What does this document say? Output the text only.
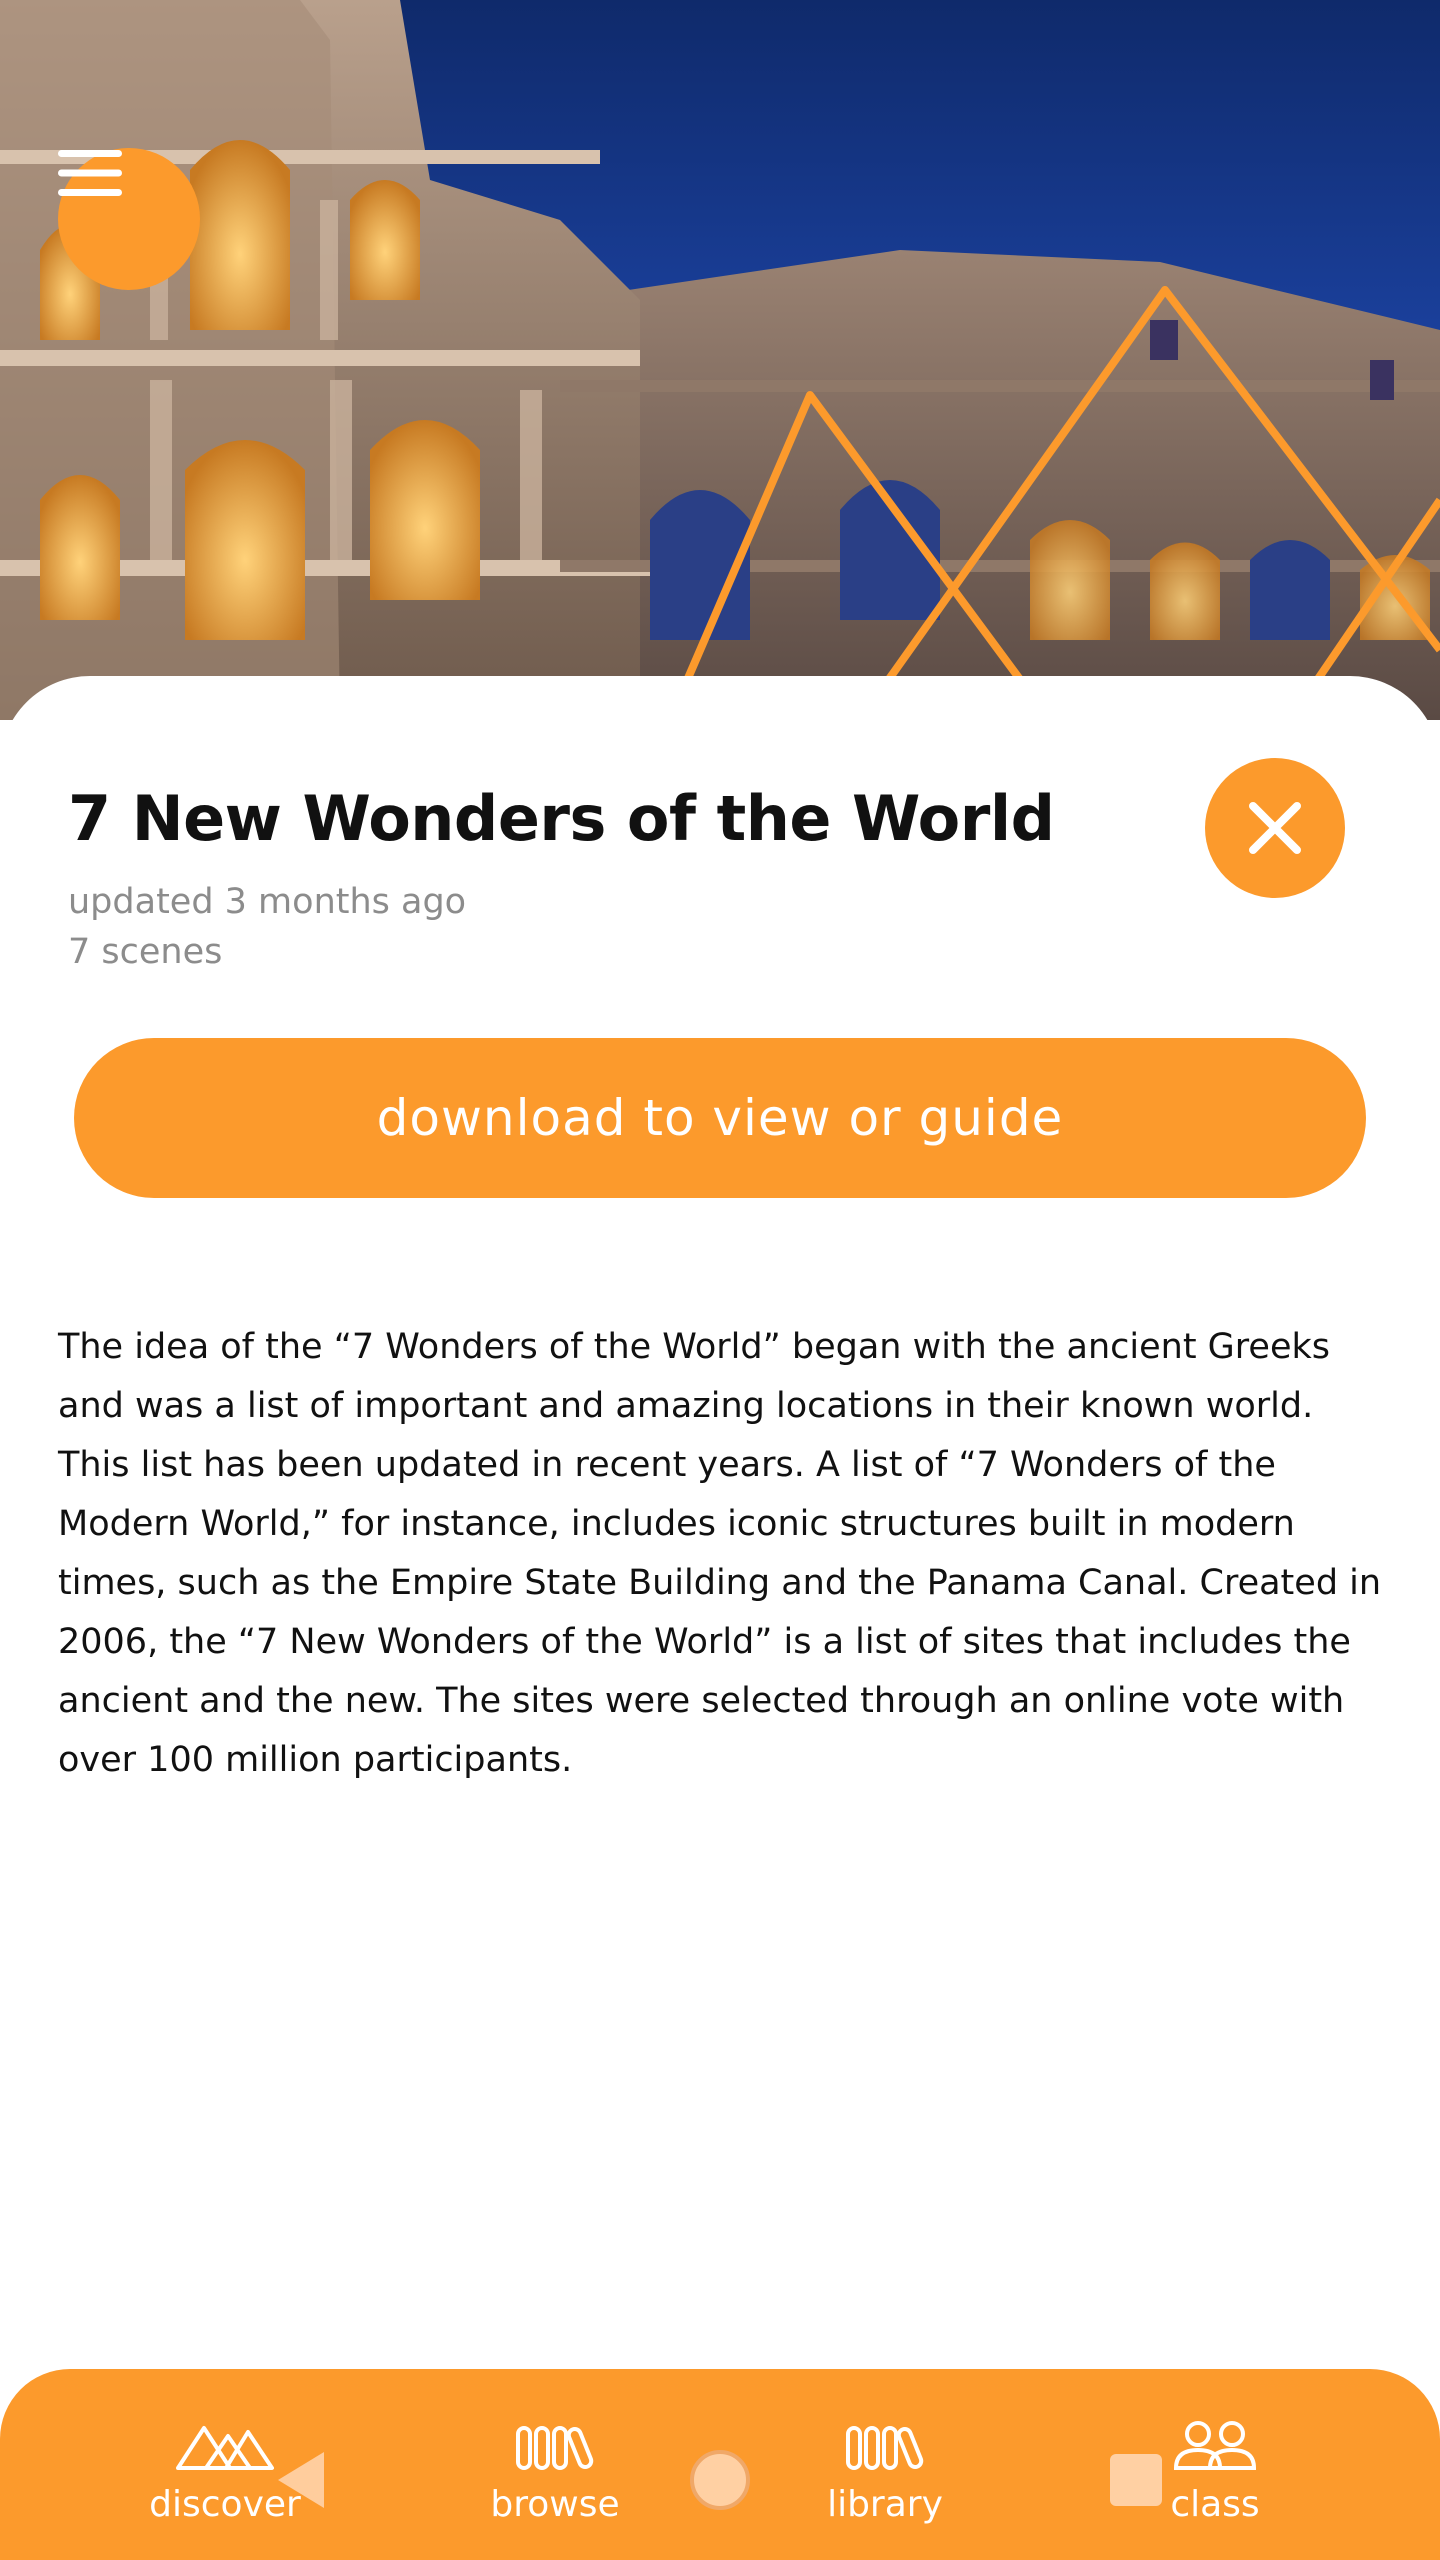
7 New Wonders of the World
updated 3 months ago
7 scenes
download to view or guide

The idea of the “7 Wonders of the World” began with the ancient Greeks and was a list of important and amazing locations in their known world. This list has been updated in recent years. A list of “7 Wonders of the Modern World,” for instance, includes iconic structures built in modern times, such as the Empire State Building and the Panama Canal. Created in 2006, the “7 New Wonders of the World” is a list of sites that includes the ancient and the new. The sites were selected through an online vote with over 100 million participants.

discover	browse	library	class
